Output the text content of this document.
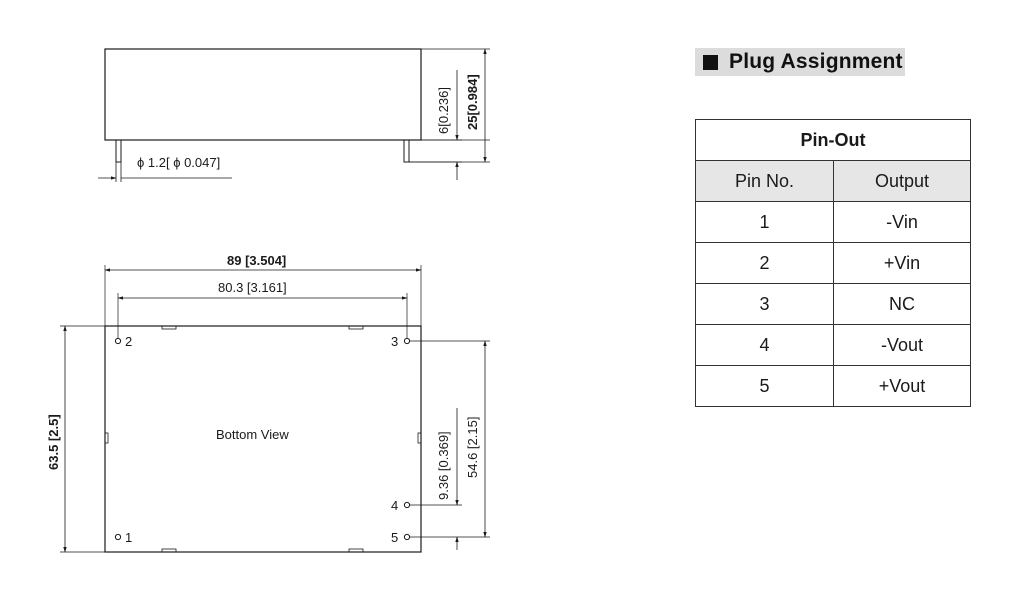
ϕ 1.2[ ϕ 0.047]
6[0.236] 25[0.984]
Bottom View
2
1
3
4
5
89 [3.504]
80.3 [3.161]
63.5 [2.5]	54.6 [2.15]
9.36 [0.369]
Plug Assignment
Pin-Out	
Pin No.	Output
1	-Vin
2	+Vin
3	NC
4	-Vout
5	+Vout
